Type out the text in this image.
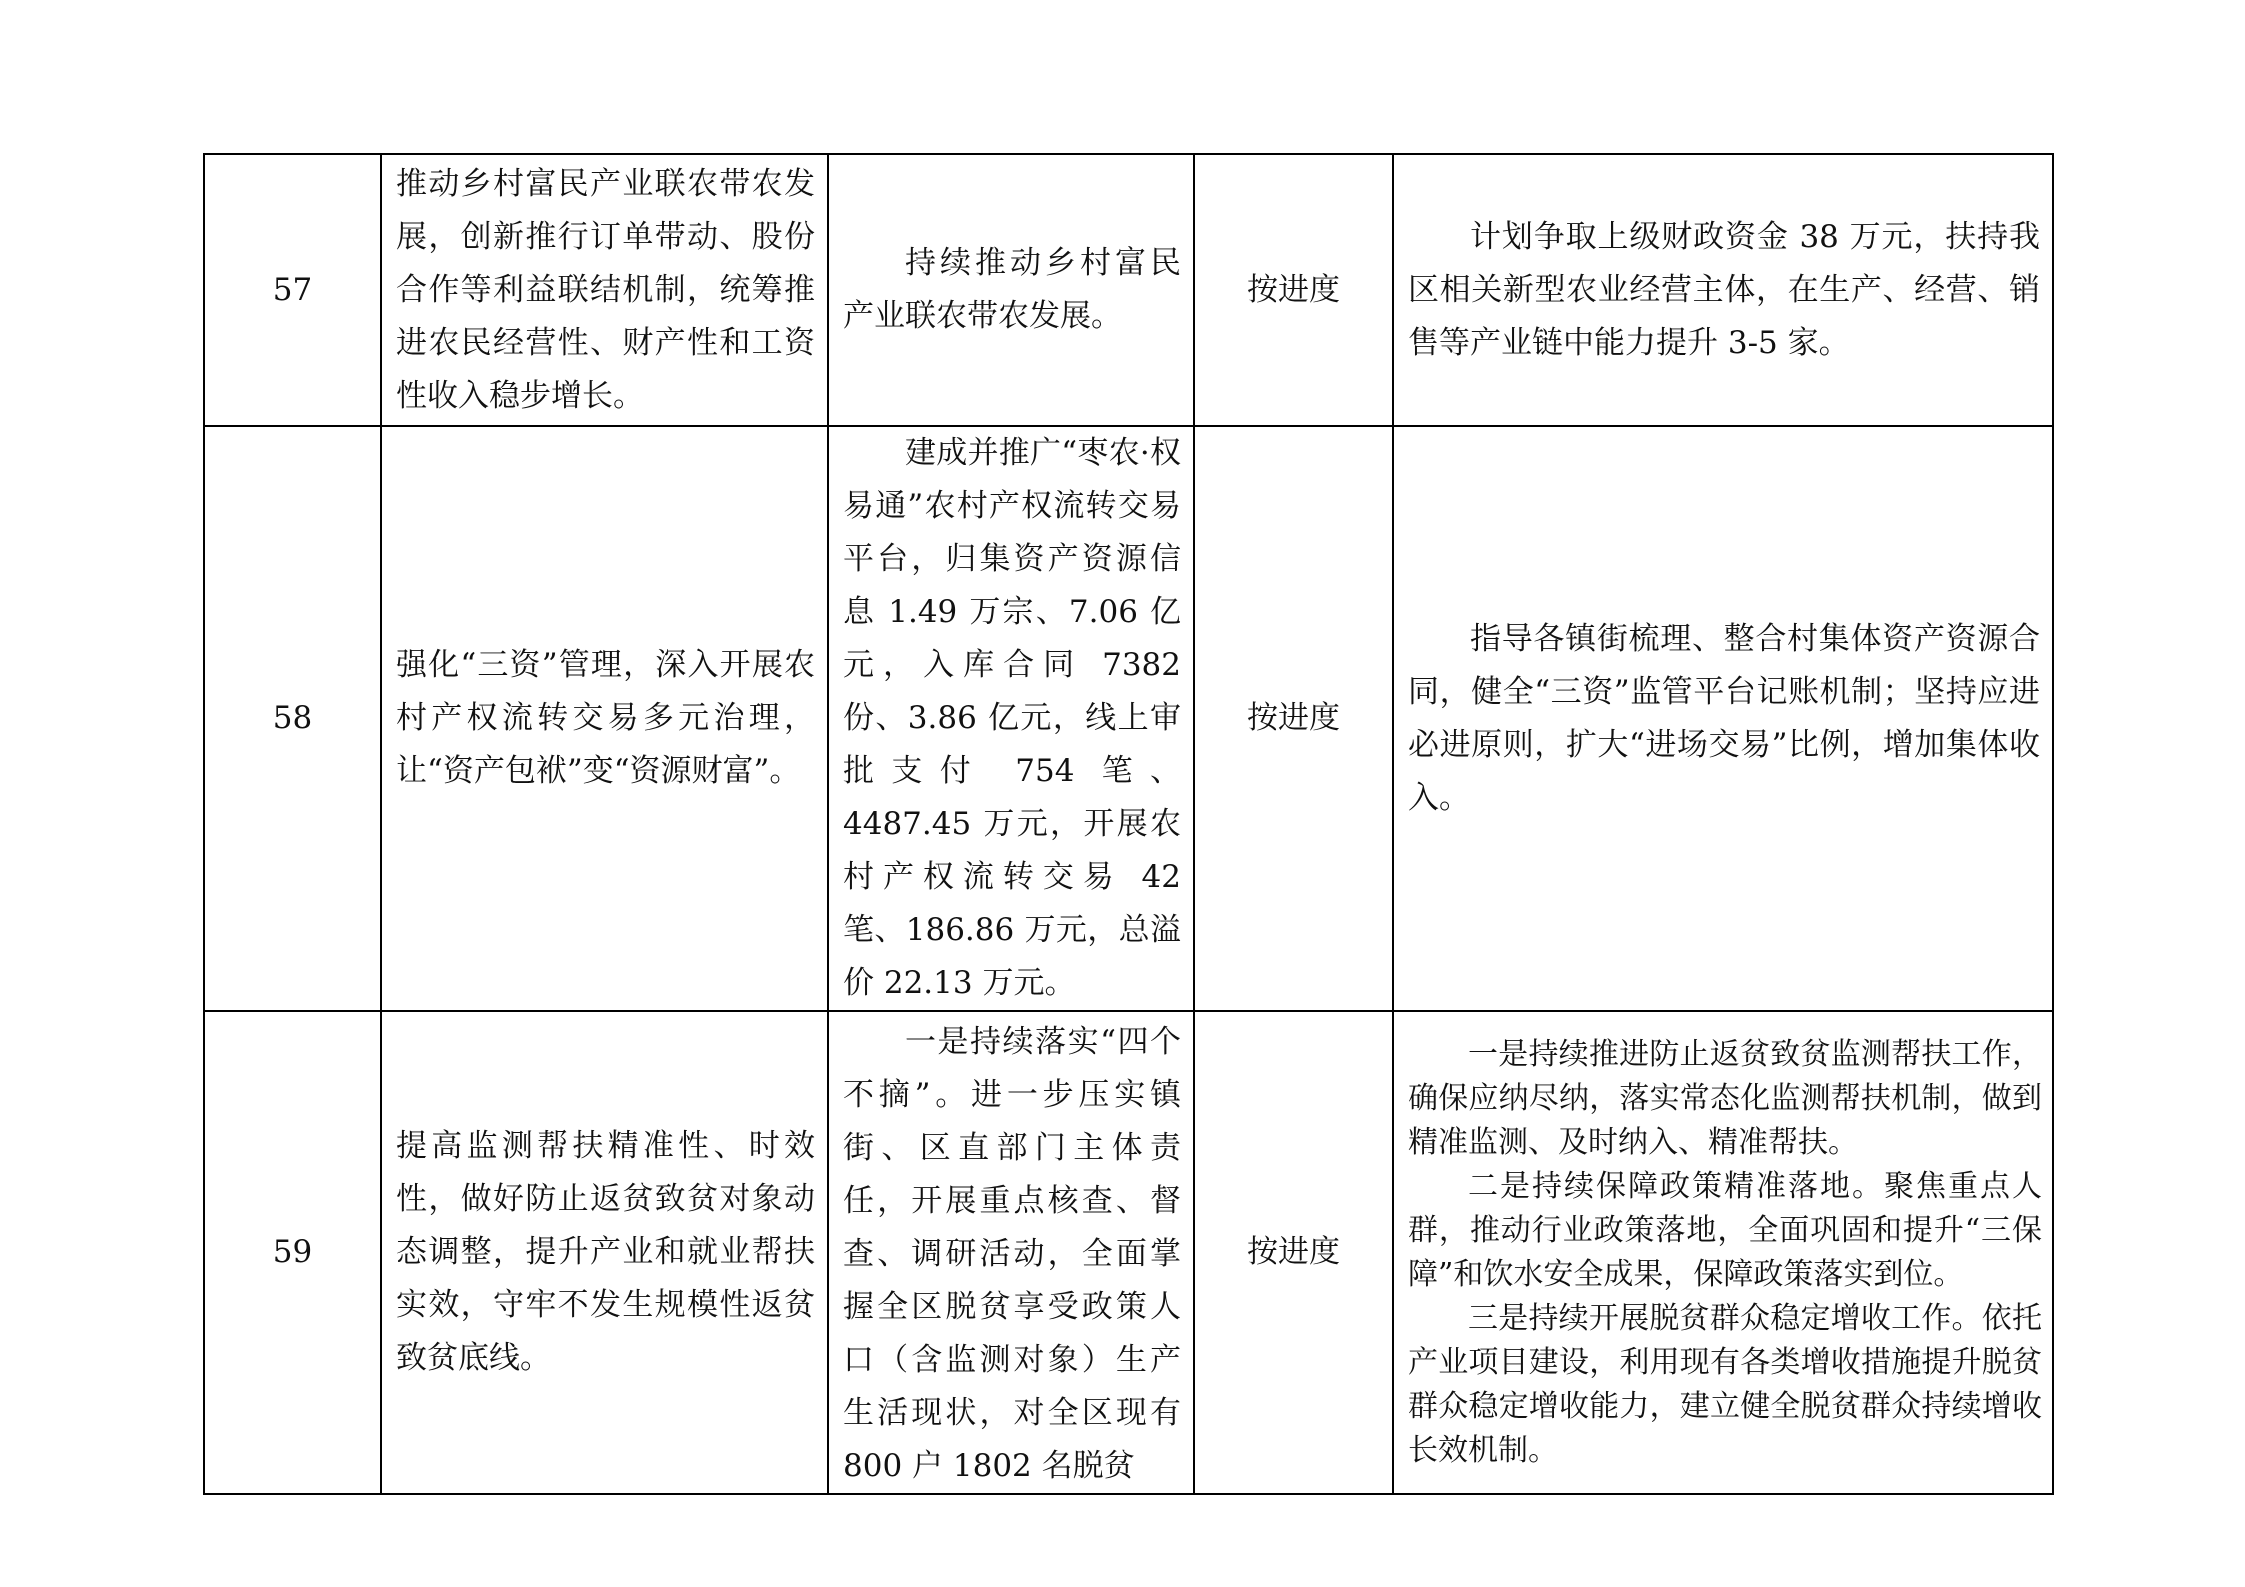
57	推动乡村富民产业联农带农发展，创新推行订单带动、股份合作等利益联结机制，统筹推进农民经营性、财产性和工资性收入稳步增长。	持续推动乡村富民产业联农带农发展。	按进度	计划争取上级财政资金 38 万元，扶持我区相关新型农业经营主体，在生产、经营、销售等产业链中能力提升 3-5 家。

58	强化“三资”管理，深入开展农村产权流转交易多元治理，让“资产包袱”变“资源财富”。	建成并推广“枣农·权易通”农村产权流转交易平台，归集资产资源信息 1.49 万宗、7.06 亿元，入库合同 7382 份、3.86 亿元，线上审批支付 754 笔、4487.45 万元，开展农村产权流转交易 42 笔、186.86 万元，总溢价 22.13 万元。	按进度	指导各镇街梳理、整合村集体资产资源合同，健全“三资”监管平台记账机制；坚持应进必进原则，扩大“进场交易”比例，增加集体收入。

59	提高监测帮扶精准性、时效性，做好防止返贫致贫对象动态调整，提升产业和就业帮扶实效，守牢不发生规模性返贫致贫底线。	一是持续落实“四个不摘”。进一步压实镇街、区直部门主体责任，开展重点核查、督查、调研活动，全面掌握全区脱贫享受政策人口（含监测对象）生产生活现状，对全区现有 800 户 1802 名脱贫	按进度	一是持续推进防止返贫致贫监测帮扶工作，确保应纳尽纳，落实常态化监测帮扶机制，做到精准监测、及时纳入、精准帮扶。

二是持续保障政策精准落地。聚焦重点人群，推动行业政策落地，全面巩固和提升“三保障”和饮水安全成果，保障政策落实到位。

三是持续开展脱贫群众稳定增收工作。依托产业项目建设，利用现有各类增收措施提升脱贫群众稳定增收能力，建立健全脱贫群众持续增收长效机制。
